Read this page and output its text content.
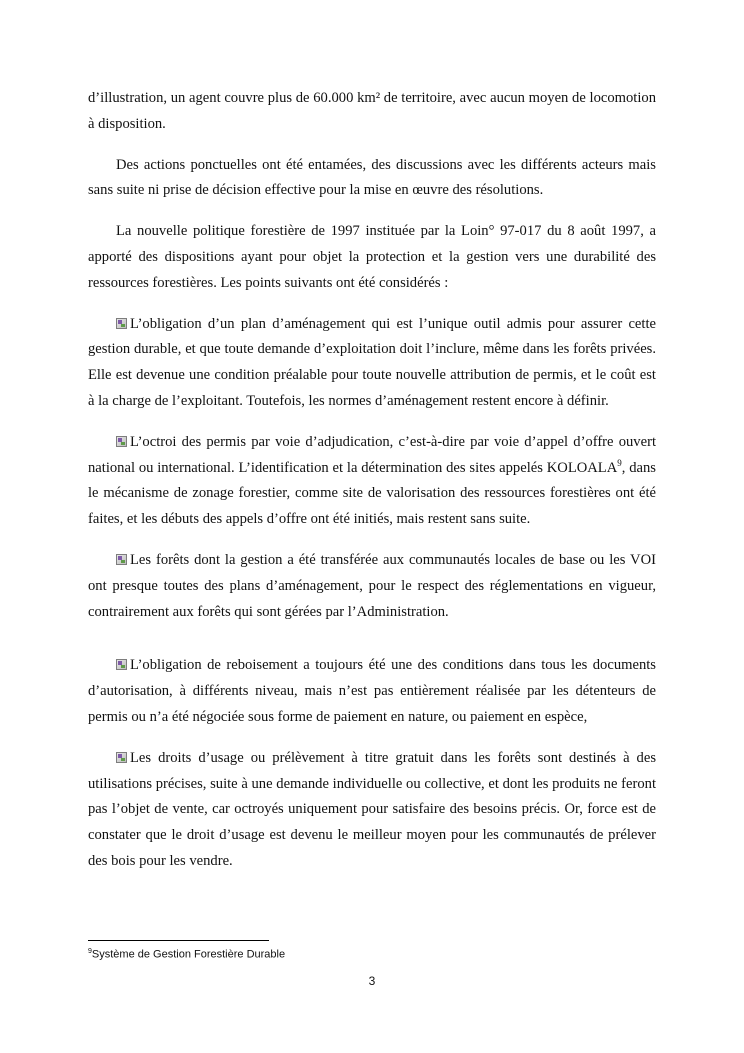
d’illustration, un agent couvre plus de 60.000 km² de territoire, avec aucun moyen de locomotion à disposition.

Des actions ponctuelles ont été entamées, des discussions avec les différents acteurs mais sans suite ni prise de décision effective pour la mise en œuvre des résolutions.

La nouvelle politique forestière de 1997 instituée par la Loin° 97-017 du 8 août 1997, a apporté des dispositions ayant pour objet la protection et la gestion vers une durabilité des ressources forestières. Les points suivants ont été considérés :

L’obligation d’un plan d’aménagement qui est l’unique outil admis pour assurer cette gestion durable, et que toute demande d’exploitation doit l’inclure, même dans les forêts privées. Elle est devenue une condition préalable pour toute nouvelle attribution de permis, et le coût est à la charge de l’exploitant. Toutefois, les normes d’aménagement restent encore à définir.

L’octroi des permis par voie d’adjudication, c’est-à-dire par voie d’appel d’offre ouvert national ou international. L’identification et la détermination des sites appelés KOLOALA$^9$, dans le mécanisme de zonage forestier, comme site de valorisation des ressources forestières ont été faites, et les débuts des appels d’offre ont été initiés, mais restent sans suite.

Les forêts dont la gestion a été transférée aux communautés locales de base ou les VOI ont presque toutes des plans d’aménagement, pour le respect des réglementations en vigueur, contrairement aux forêts qui sont gérées par l’Administration.

L’obligation de reboisement a toujours été une des conditions dans tous les documents d’autorisation, à différents niveau, mais n’est pas entièrement réalisée par les détenteurs de permis ou n’a été négociée sous forme de paiement en nature, ou paiement en espèce,

Les droits d’usage ou prélèvement à titre gratuit dans les forêts sont destinés à des utilisations précises, suite à une demande individuelle ou collective, et dont les produits ne feront pas l’objet de vente, car octroyés uniquement pour satisfaire des besoins précis. Or, force est de constater que le droit d’usage est devenu le meilleur moyen pour les communautés de prélever des bois pour les vendre.

$^9$Système de Gestion Forestière Durable
3
